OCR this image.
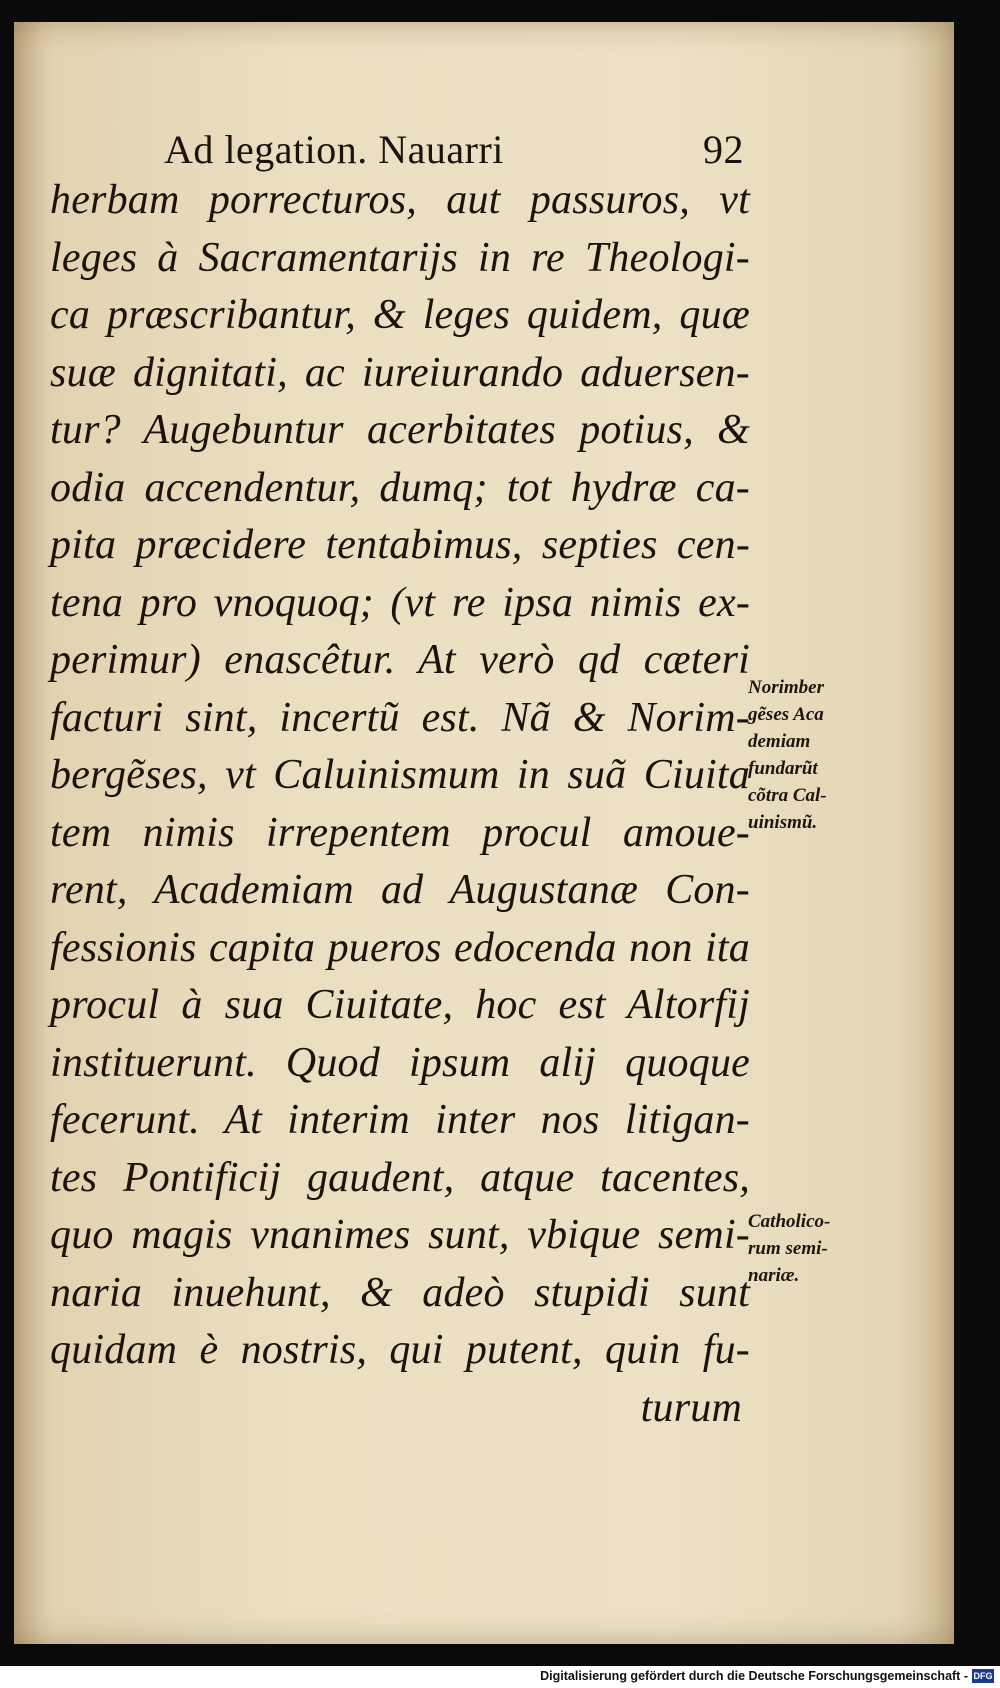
Ad legation. Nauarri	92
herbam porrecturos, aut passuros, vt
leges à Sacramentarijs in re Theologi-
ca præscribantur, & leges quidem, quæ
suæ dignitati, ac iureiurando aduersen-
tur? Augebuntur acerbitates potius, &
odia accendentur, dumq; tot hydræ ca-
pita præcidere tentabimus, septies cen-
tena pro vnoquoq; (vt re ipsa nimis ex-
perimur) enascêtur. At verò qd cæteri
facturi sint, incertũ est. Nã & Norim-
bergẽses, vt Caluinismum in suã Ciuita
tem nimis irrepentem procul amoue-
rent, Academiam ad Augustanæ Con-
fessionis capita pueros edocenda non ita
procul à sua Ciuitate, hoc est Altorfij
instituerunt. Quod ipsum alij quoque
fecerunt. At interim inter nos litigan-
tes Pontificij gaudent, atque tacentes,
quo magis vnanimes sunt, vbique semi-
naria inuehunt, & adeò stupidi sunt
quidam è nostris, qui putent, quin fu-
turum
Norimber
gẽses Aca
demiam
fundarũt
cõtra Cal-
uinismũ.
Catholico-
rum semi-
nariæ.
Digitalisierung gefördert durch die Deutsche Forschungsgemeinschaft - DFG
